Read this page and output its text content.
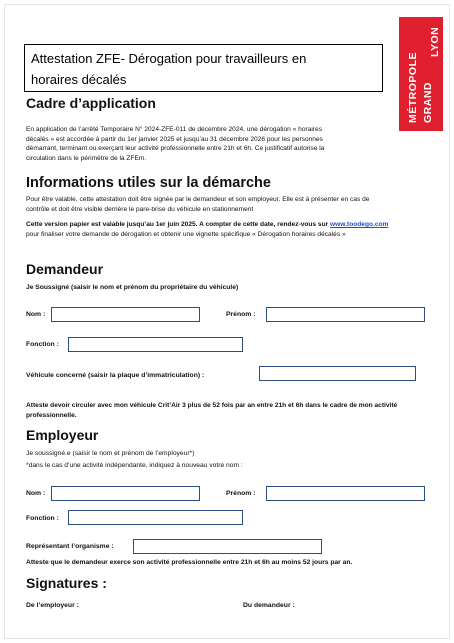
Attestation ZFE- Dérogation pour travailleurs en
horaires décalés	MÉTROPOLE GRAND
LYON
Cadre d’application
En application de l’arrêté Temporaire N° 2024-ZFE-011 de décembre 2024, une dérogation « horaires
décalés » est accordée à partir du 1er janvier 2025 et jusqu’au 31 décembre 2026 pour les personnes
démarrant, terminant ou exerçant leur activité professionnelle entre 21h et 6h. Ce justificatif autorise la
circulation dans le périmètre de la ZFEm.
Informations utiles sur la démarche
Pour être valable, cette attestation doit être signée par le demandeur et son employeur. Elle est à présenter en cas de
contrôle et doit être visible derrière le pare-brise du véhicule en stationnement
Cette version papier est valable jusqu’au 1er juin 2025. A compter de cette date, rendez-vous sur www.toodego.com
pour finaliser votre demande de dérogation et obtenir une vignette spécifique « Dérogation horaires décalés »
Demandeur
Je Soussigné (saisir le nom et prénom du propriétaire du véhicule)
Nom :	Prénom :
Fonction :
Véhicule concerné (saisir la plaque d’immatriculation) :
Atteste devoir circuler avec mon véhicule Crit’Air 3 plus de 52 fois par an entre 21h et 6h dans le cadre de mon activité
professionnelle.
Employeur
Je soussigné.e (saisir le nom et prénom de l’employeur*)
*dans le cas d’une activité indépendante, indiquez à nouveau votre nom :
Nom :	Prénom :
Fonction :
Représentant l’organisme :
Atteste que le demandeur exerce son activité professionnelle entre 21h et 6h au moins 52 jours par an.
Signatures :
De l’employeur :	Du demandeur :
